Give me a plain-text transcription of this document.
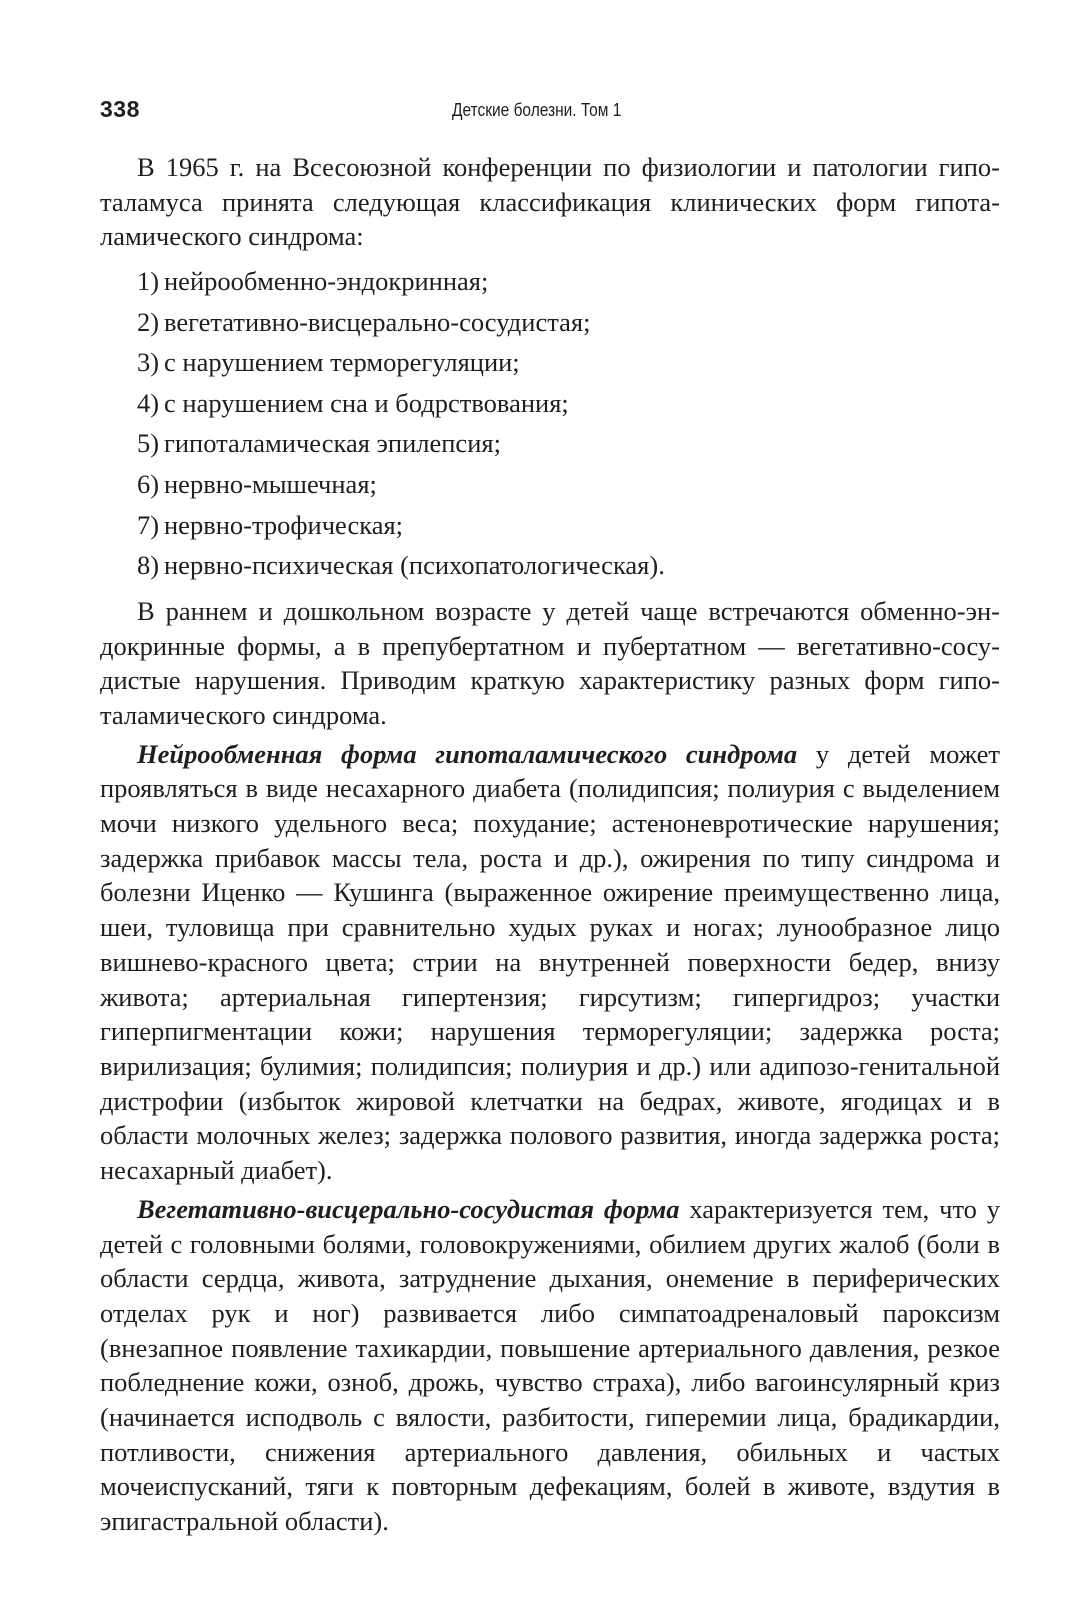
338	Детские болезни. Том 1

В 1965 г. на Всесоюзной конференции по физиологии и патологии гипоталамуса принята следующая классификация клинических форм гипоталамического синдрома:

1) нейрообменно-эндокринная;
2) вегетативно-висцерально-сосудистая;
3) с нарушением терморегуляции;
4) с нарушением сна и бодрствования;
5) гипоталамическая эпилепсия;
6) нервно-мышечная;
7) нервно-трофическая;
8) нервно-психическая (психопатологическая).

В раннем и дошкольном возрасте у детей чаще встречаются обменно-эндокринные формы, а в препубертатном и пубертатном — вегетативно-сосудистые нарушения. Приводим краткую характеристику разных форм гипоталамического синдрома.

Нейрообменная форма гипоталамического синдрома у детей может проявляться в виде несахарного диабета (полидипсия; полиурия с выделением мочи низкого удельного веса; похудание; астеноневротические нарушения; задержка прибавок массы тела, роста и др.), ожирения по типу синдрома и болезни Иценко — Кушинга (выраженное ожирение преимущественно лица, шеи, туловища при сравнительно худых руках и ногах; лунообразное лицо вишнево-красного цвета; стрии на внутренней поверхности бедер, внизу живота; артериальная гипертензия; гирсутизм; гипергидроз; участки гиперпигментации кожи; нарушения терморегуляции; задержка роста; вирилизация; булимия; полидипсия; полиурия и др.) или адипозо-генитальной дистрофии (избыток жировой клетчатки на бедрах, животе, ягодицах и в области молочных желез; задержка полового развития, иногда задержка роста; несахарный диабет).

Вегетативно-висцерально-сосудистая форма характеризуется тем, что у детей с головными болями, головокружениями, обилием других жалоб (боли в области сердца, живота, затруднение дыхания, онемение в периферических отделах рук и ног) развивается либо симпатоадреналовый пароксизм (внезапное появление тахикардии, повышение артериального давления, резкое побледнение кожи, озноб, дрожь, чувство страха), либо вагоинсулярный криз (начинается исподволь с вялости, разбитости, гиперемии лица, брадикардии, потливости, снижения артериального давления, обильных и частых мочеиспусканий, тяги к повторным дефекациям, болей в животе, вздутия в эпигастральной области).
